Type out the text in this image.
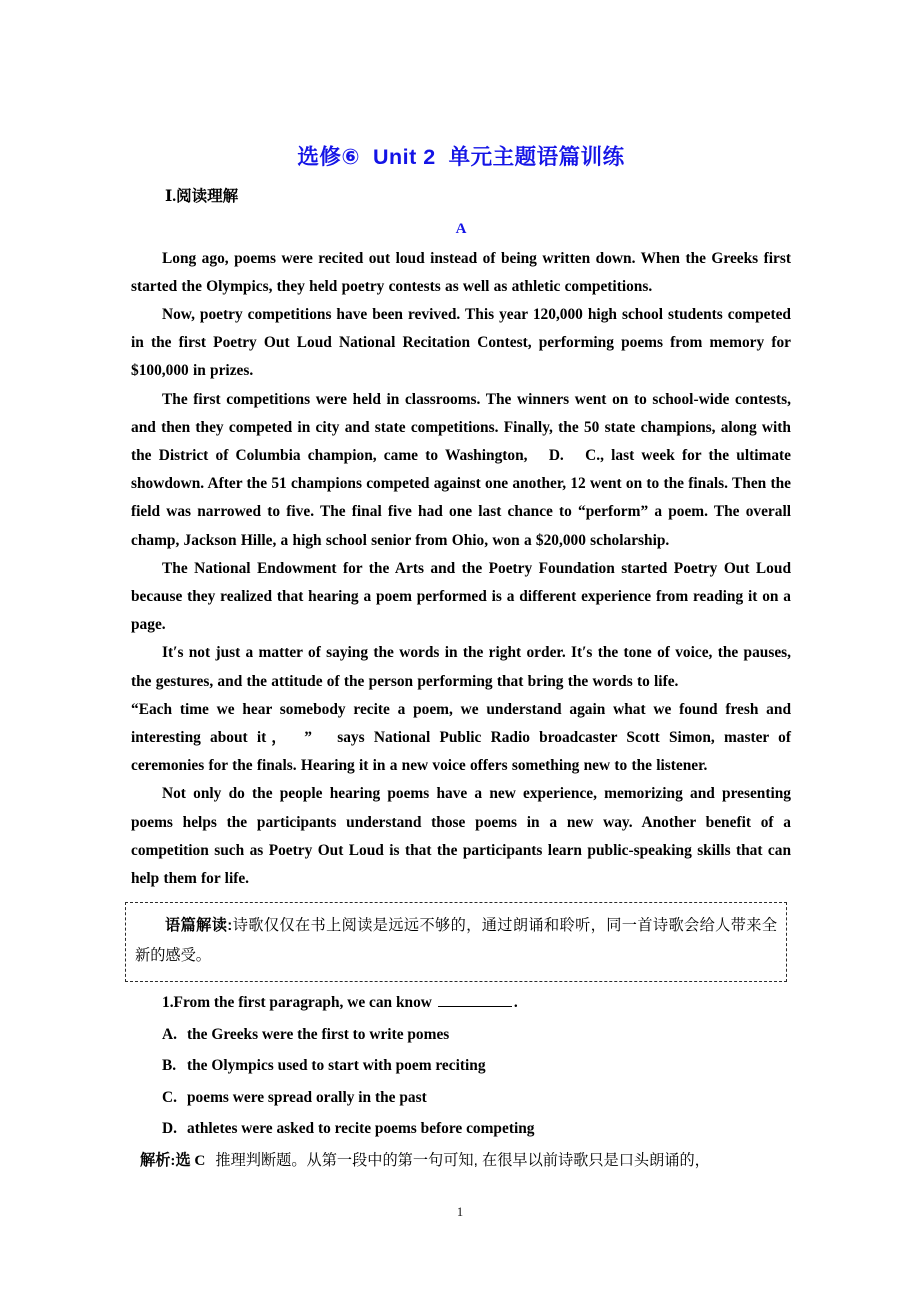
选修⑥  Unit 2  单元主题语篇训练
Ⅰ.阅读理解
A

Long ago, poems were recited out loud instead of being written down. When the Greeks first started the Olympics, they held poetry contests as well as athletic competitions.

Now, poetry competitions have been revived. This year 120,000 high school students competed in the first Poetry Out Loud National Recitation Contest, performing poems from memory for $100,000 in prizes.

The first competitions were held in classrooms. The winners went on to school-wide contests, and then they competed in city and state competitions. Finally, the 50 state champions, along with the District of Columbia champion, came to Washington,　D.　C., last week for the ultimate showdown. After the 51 champions competed against one another, 12 went on to the finals. Then the field was narrowed to five. The final five had one last chance to “perform” a poem. The overall champ, Jackson Hille, a high school senior from Ohio, won a $20,000 scholarship.

The National Endowment for the Arts and the Poetry Foundation started Poetry Out Loud because they realized that hearing a poem performed is a different experience from reading it on a page.

It′s not just a matter of saying the words in the right order. It′s the tone of voice, the pauses, the gestures, and the attitude of the person performing that bring the words to life.

“Each time we hear somebody recite a poem, we understand again what we found fresh and interesting about it，　”　says National Public Radio broadcaster Scott Simon, master of ceremonies for the finals. Hearing it in a new voice offers something new to the listener.

Not only do the people hearing poems have a new experience, memorizing and presenting poems helps the participants understand those poems in a new way. Another benefit of a competition such as Poetry Out Loud is that the participants learn public-speaking skills that can help them for life.

语篇解读:诗歌仅仅在书上阅读是远远不够的，通过朗诵和聆听，同一首诗歌会给人带来全新的感受。

1.From the first paragraph, we can know	.

A. the Greeks were the first to write pomes

B. the Olympics used to start with poem reciting

C. poems were spread orally in the past

D. athletes were asked to recite poems before competing

解析:选 C 推理判断题。从第一段中的第一句可知, 在很早以前诗歌只是口头朗诵的，

1
